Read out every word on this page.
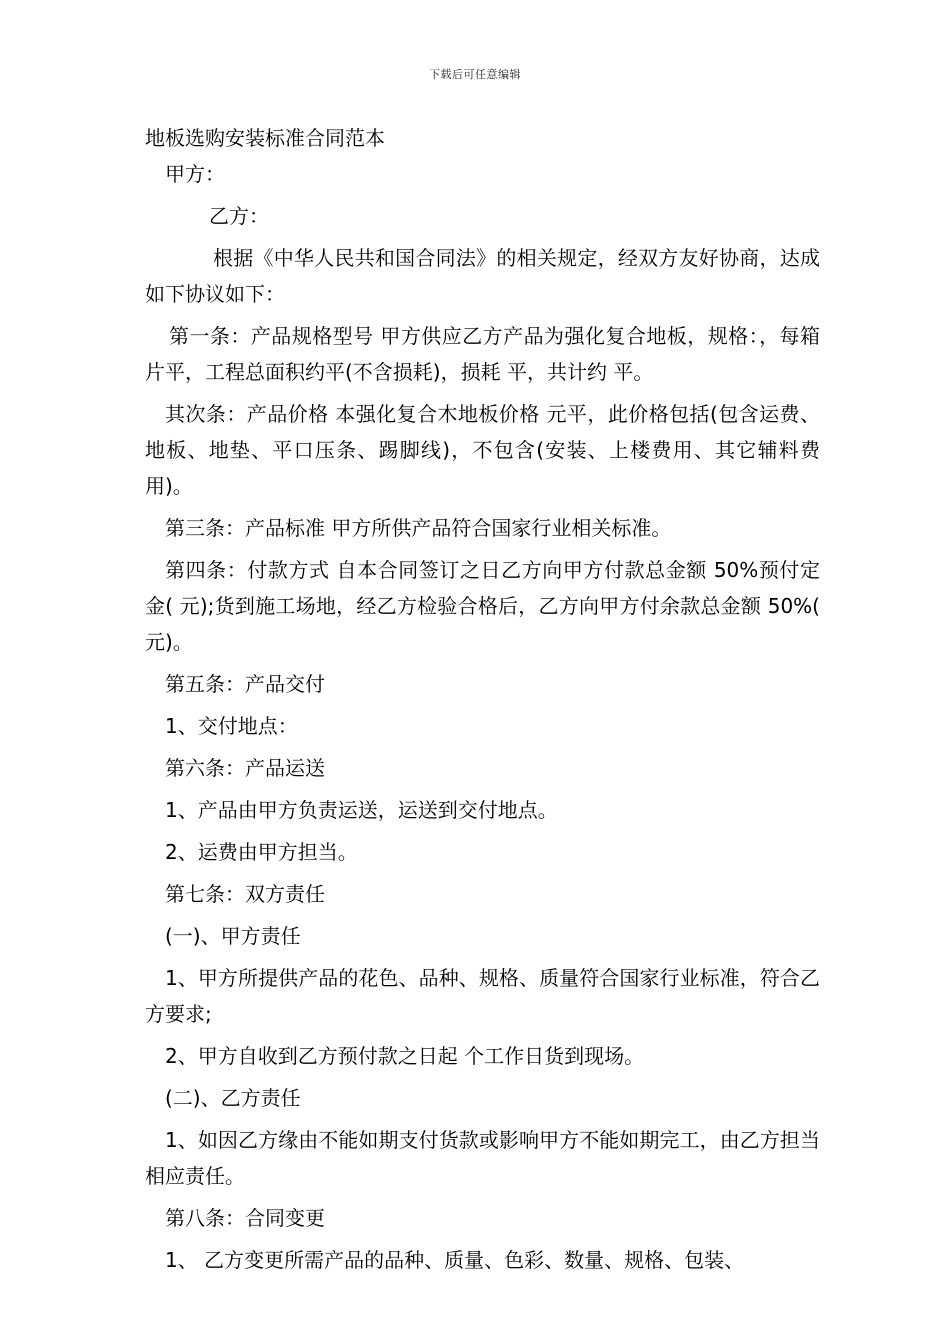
下载后可任意编辑

地板选购安装标准合同范本

甲方：

乙方：

根据《中华人民共和国合同法》的相关规定，经双方友好协商，达成如下协议如下：

第一条：产品规格型号 甲方供应乙方产品为强化复合地板，规格：，每箱片平，工程总面积约平(不含损耗)，损耗 平，共计约 平。

其次条：产品价格 本强化复合木地板价格 元平，此价格包括(包含运费、地板、地垫、平口压条、踢脚线)，不包含(安装、上楼费用、其它辅料费用)。

第三条：产品标准 甲方所供产品符合国家行业相关标准。

第四条：付款方式 自本合同签订之日乙方向甲方付款总金额 50%预付定金( 元);货到施工场地，经乙方检验合格后，乙方向甲方付余款总金额 50%( 元)。

第五条：产品交付

1、交付地点：

第六条：产品运送

1、产品由甲方负责运送，运送到交付地点。

2、运费由甲方担当。

第七条：双方责任

(一)、甲方责任

1、甲方所提供产品的花色、品种、规格、质量符合国家行业标准，符合乙方要求;

2、甲方自收到乙方预付款之日起 个工作日货到现场。

(二)、乙方责任

1、如因乙方缘由不能如期支付货款或影响甲方不能如期完工，由乙方担当相应责任。

第八条：合同变更

1、 乙方变更所需产品的品种、质量、色彩、数量、规格、包装、
